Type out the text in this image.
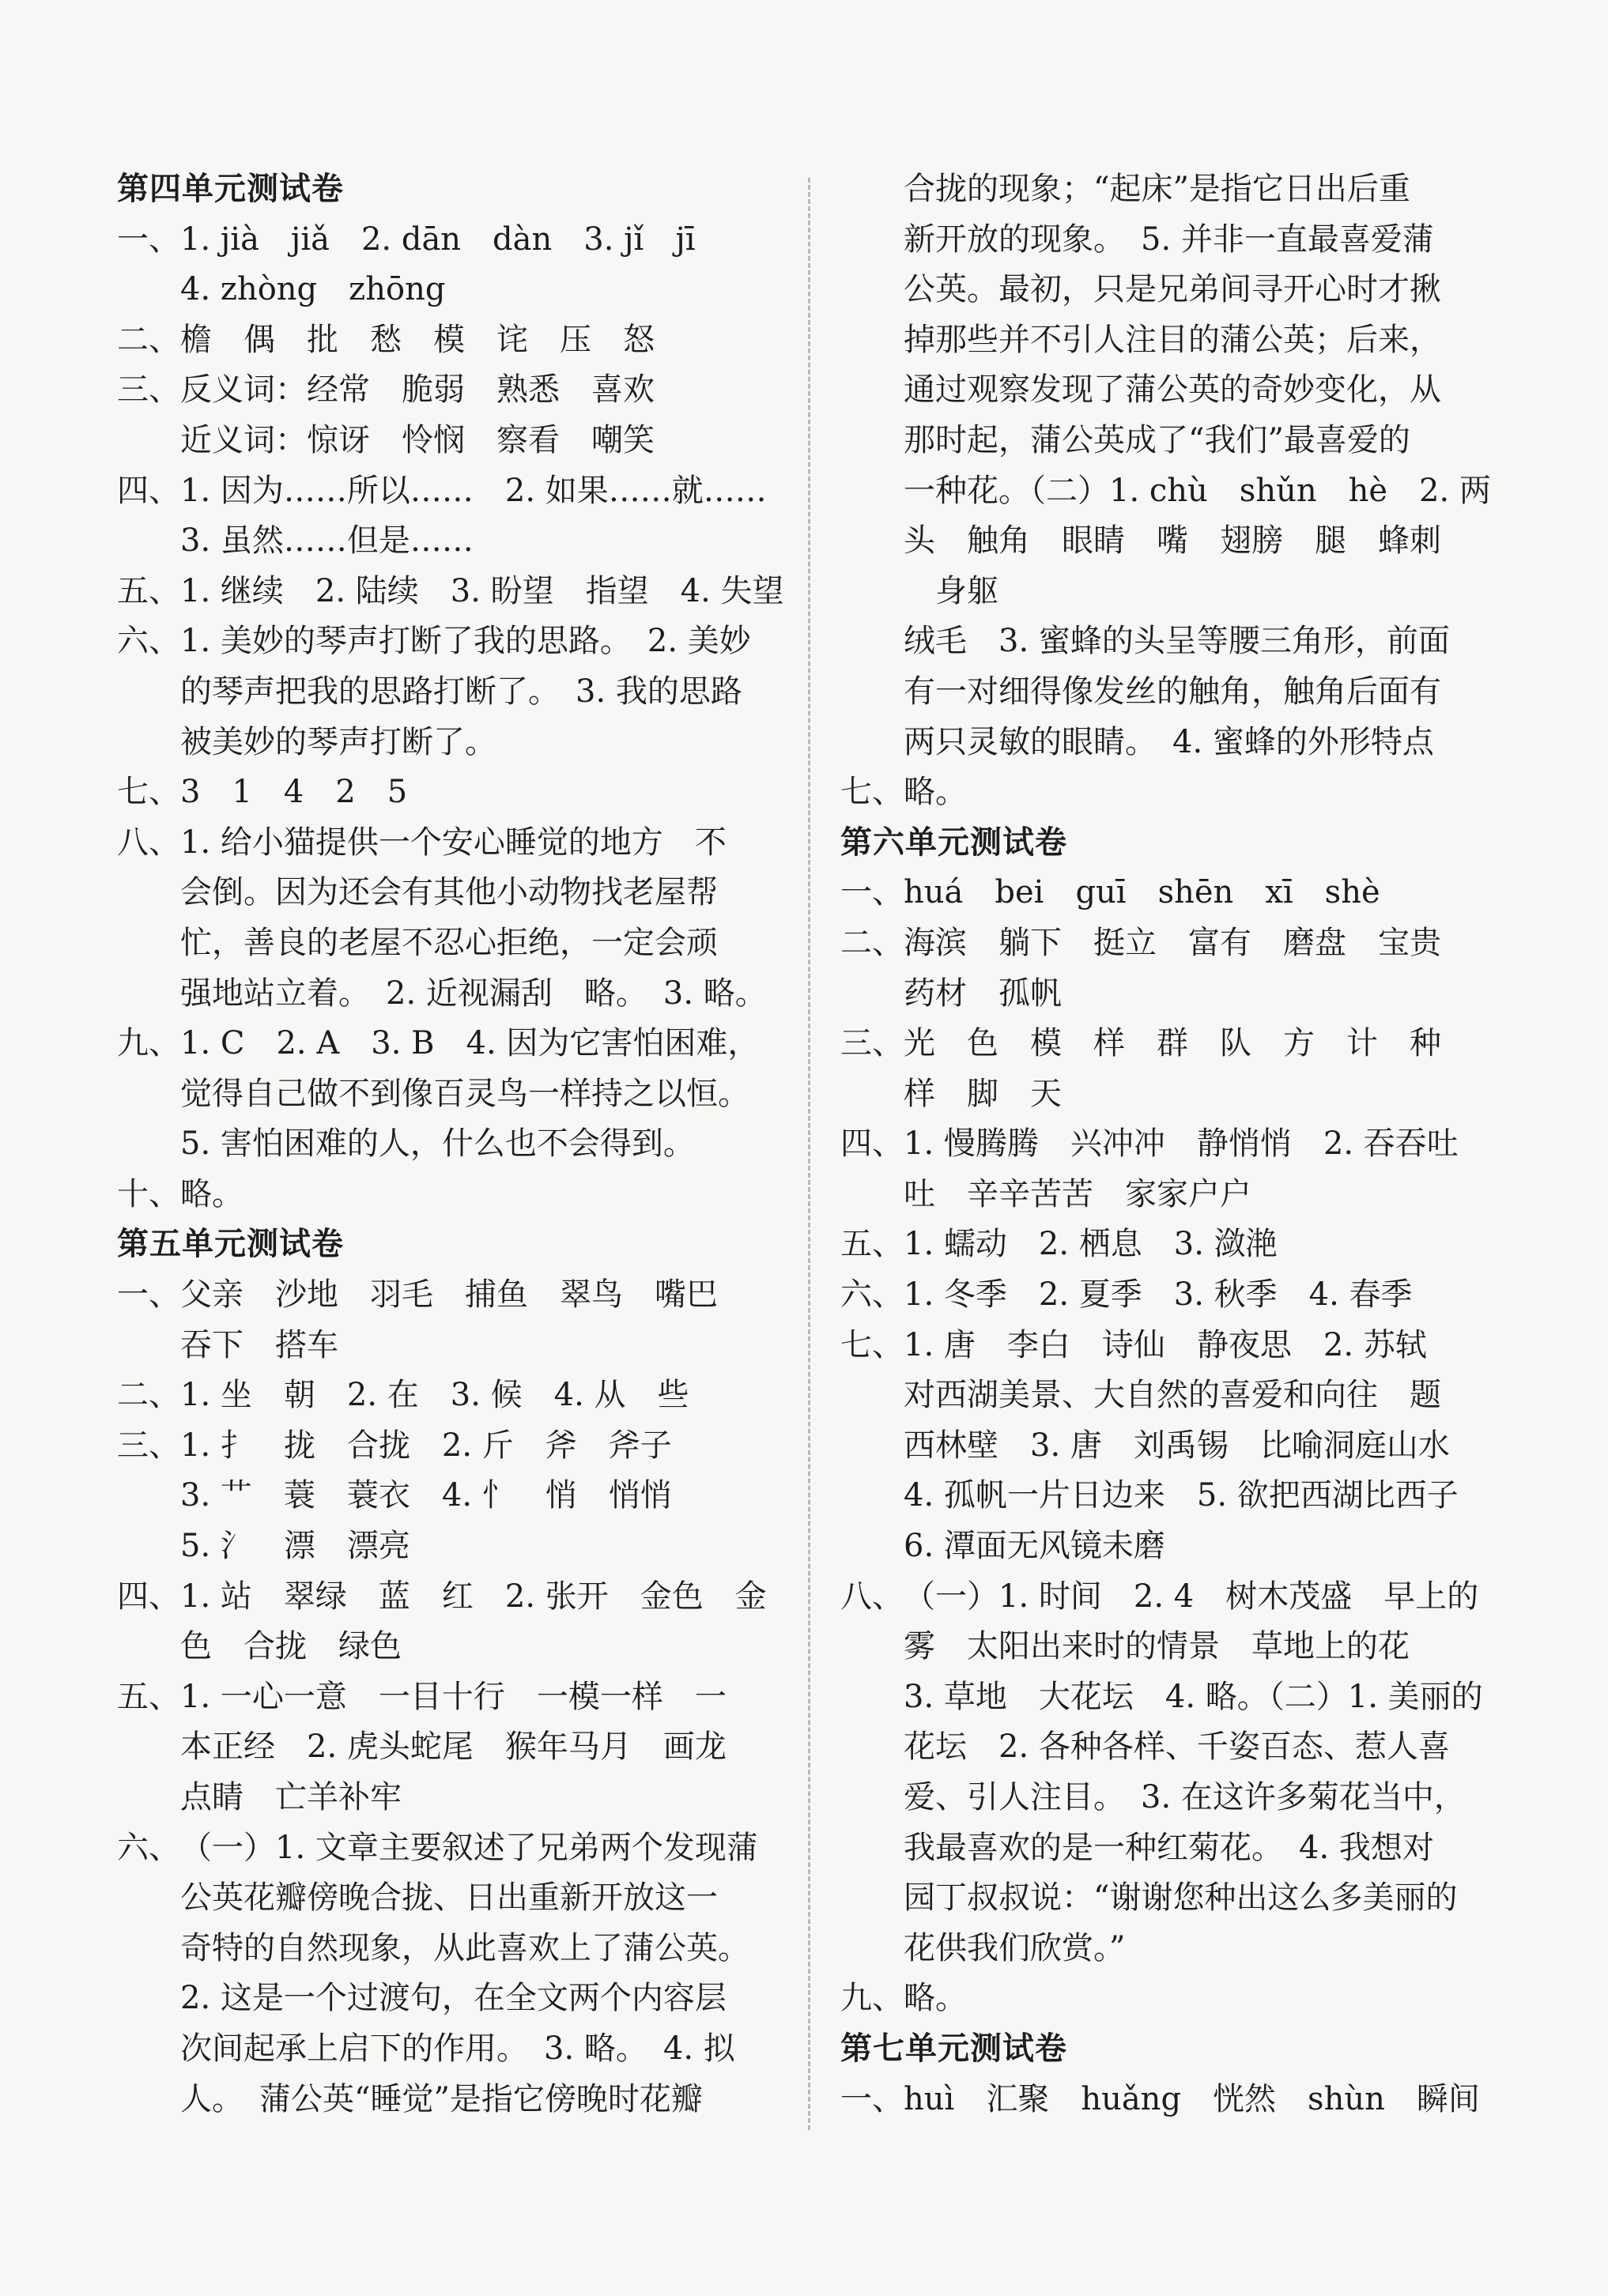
第四单元测试卷
一、1. jià　jiǎ　2. dān　dàn　3. jǐ　jī
4. zhòng　zhōng
二、檐　偶　批　愁　模　诧　压　怒
三、反义词：经常　脆弱　熟悉　喜欢
近义词：惊讶　怜悯　察看　嘲笑
四、1. 因为……所以……　2. 如果……就……
3. 虽然……但是……
五、1. 继续　2. 陆续　3. 盼望　指望　4. 失望
六、1. 美妙的琴声打断了我的思路。　2. 美妙
的琴声把我的思路打断了。　3. 我的思路
被美妙的琴声打断了。
七、3　1　4　2　5
八、1. 给小猫提供一个安心睡觉的地方　不
会倒。因为还会有其他小动物找老屋帮
忙，善良的老屋不忍心拒绝，一定会顽
强地站立着。　2. 近视漏刮　略。　3. 略。
九、1. C　2. A　3. B　4. 因为它害怕困难，
觉得自己做不到像百灵鸟一样持之以恒。
5. 害怕困难的人，什么也不会得到。
十、略。
第五单元测试卷
一、父亲　沙地　羽毛　捕鱼　翠鸟　嘴巴
吞下　搭车
二、1. 坐　朝　2. 在　3. 候　4. 从　些
三、1. 扌　拢　合拢　2. 斤　斧　斧子
3. 艹　蓑　蓑衣　4. 忄　悄　悄悄
5. 氵　漂　漂亮
四、1. 站　翠绿　蓝　红　2. 张开　金色　金
色　合拢　绿色
五、1. 一心一意　一目十行　一模一样　一
本正经　2. 虎头蛇尾　猴年马月　画龙
点睛　亡羊补牢
六、（一）1. 文章主要叙述了兄弟两个发现蒲
公英花瓣傍晚合拢、日出重新开放这一
奇特的自然现象，从此喜欢上了蒲公英。
2. 这是一个过渡句，在全文两个内容层
次间起承上启下的作用。　3. 略。　4. 拟
人。　蒲公英“睡觉”是指它傍晚时花瓣
合拢的现象；“起床”是指它日出后重
新开放的现象。　5. 并非一直最喜爱蒲
公英。最初，只是兄弟间寻开心时才揪
掉那些并不引人注目的蒲公英；后来，
通过观察发现了蒲公英的奇妙变化，从
那时起，蒲公英成了“我们”最喜爱的
一种花。（二）1. chù　shǔn　hè　2. 两
头　触角　眼睛　嘴　翅膀　腿　蜂刺
　身躯
绒毛　3. 蜜蜂的头呈等腰三角形，前面
有一对细得像发丝的触角，触角后面有
两只灵敏的眼睛。　4. 蜜蜂的外形特点
七、略。
第六单元测试卷
一、huá　bei　guī　shēn　xī　shè
二、海滨　躺下　挺立　富有　磨盘　宝贵
药材　孤帆
三、光　色　模　样　群　队　方　计　种
样　脚　天
四、1. 慢腾腾　兴冲冲　静悄悄　2. 吞吞吐
吐　辛辛苦苦　家家户户
五、1. 蠕动　2. 栖息　3. 潋滟
六、1. 冬季　2. 夏季　3. 秋季　4. 春季
七、1. 唐　李白　诗仙　静夜思　2. 苏轼
对西湖美景、大自然的喜爱和向往　题
西林壁　3. 唐　刘禹锡　比喻洞庭山水
4. 孤帆一片日边来　5. 欲把西湖比西子
6. 潭面无风镜未磨
八、（一）1. 时间　2. 4　树木茂盛　早上的
雾　太阳出来时的情景　草地上的花
3. 草地　大花坛　4. 略。（二）1. 美丽的
花坛　2. 各种各样、千姿百态、惹人喜
爱、引人注目。　3. 在这许多菊花当中，
我最喜欢的是一种红菊花。　4. 我想对
园丁叔叔说：“谢谢您种出这么多美丽的
花供我们欣赏。”
九、略。
第七单元测试卷
一、huì　汇聚　huǎng　恍然　shùn　瞬间
